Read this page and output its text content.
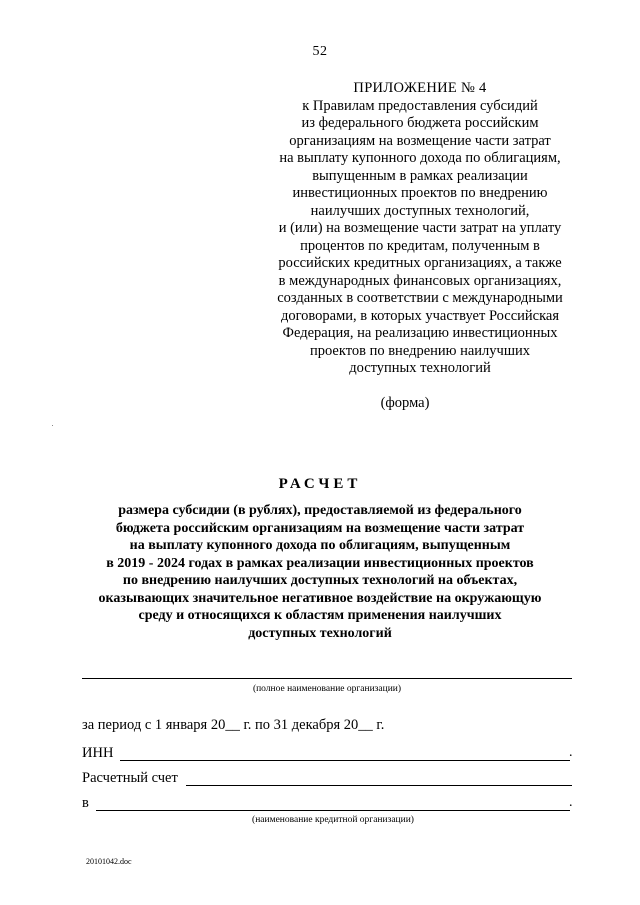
52
ПРИЛОЖЕНИЕ № 4
к Правилам предоставления субсидий
из федерального бюджета российским
организациям на возмещение части затрат
на выплату купонного дохода по облигациям,
выпущенным в рамках реализации
инвестиционных проектов по внедрению
наилучших доступных технологий,
и (или) на возмещение части затрат на уплату
процентов по кредитам, полученным в
российских кредитных организациях, а также
в международных финансовых организациях,
созданных в соответствии с международными
договорами, в которых участвует Российская
Федерация, на реализацию инвестиционных
проектов по внедрению наилучших
доступных технологий
(форма)
РАСЧЕТ
размера субсидии (в рублях), предоставляемой из федерального
бюджета российским организациям на возмещение части затрат
на выплату купонного дохода по облигациям, выпущенным
в 2019 - 2024 годах в рамках реализации инвестиционных проектов
по внедрению наилучших доступных технологий на объектах,
оказывающих значительное негативное воздействие на окружающую
среду и относящихся к областям применения наилучших
доступных технологий
(полное наименование организации)
за период с 1 января 20__ г. по 31 декабря 20__ г.
ИНН	.
Расчетный счет
в	.
(наименование кредитной организации)
20101042.doc
